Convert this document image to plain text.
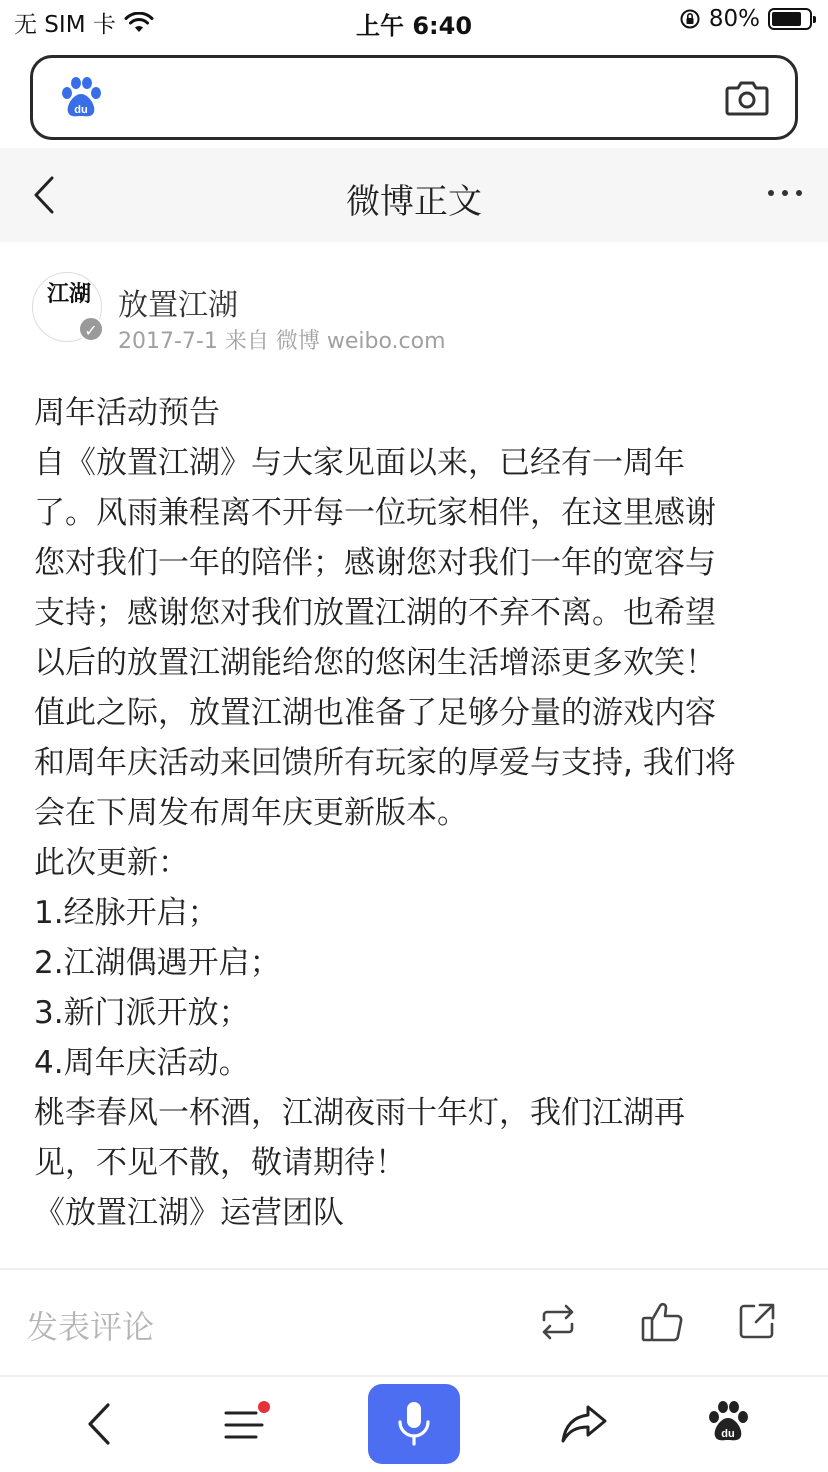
无 SIM 卡	上午 6:40	80%
du
微博正文
江湖
✓
放置江湖
2017-7-1 来自 微博 weibo.com
周年活动预告
自《放置江湖》与大家见面以来，已经有一周年
了。风雨兼程离不开每一位玩家相伴，在这里感谢
您对我们一年的陪伴；感谢您对我们一年的宽容与
支持；感谢您对我们放置江湖的不弃不离。也希望
以后的放置江湖能给您的悠闲生活增添更多欢笑！
值此之际，放置江湖也准备了足够分量的游戏内容
和周年庆活动来回馈所有玩家的厚爱与支持, 我们将
会在下周发布周年庆更新版本。
此次更新：
1.经脉开启；
2.江湖偶遇开启；
3.新门派开放；
4.周年庆活动。
桃李春风一杯酒，江湖夜雨十年灯，我们江湖再
见，不见不散，敬请期待！
《放置江湖》运营团队
发表评论
du
